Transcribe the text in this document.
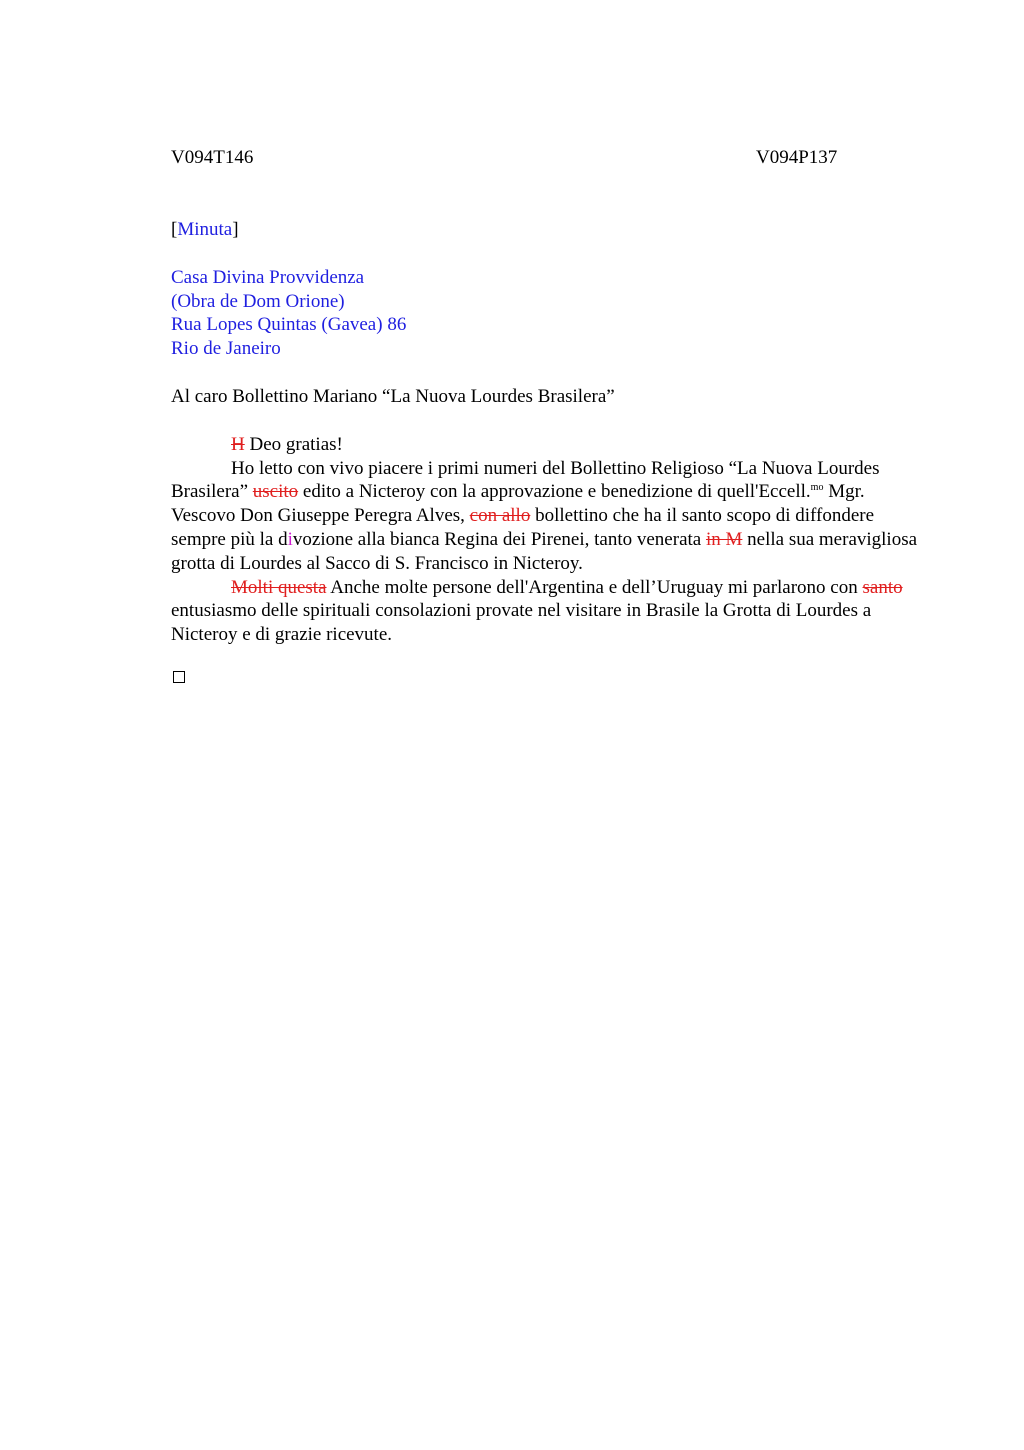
V094T146	V094P137
[Minuta]
Casa Divina Provvidenza
(Obra de Dom Orione)
Rua Lopes Quintas (Gavea) 86
Rio de Janeiro
Al caro Bollettino Mariano “La Nuova Lourdes Brasilera”
H Deo gratias!
Ho letto con vivo piacere i primi numeri del Bollettino Religioso “La Nuova Lourdes Brasilera” uscito edito a Nicteroy con la approvazione e benedizione di quell'Eccell.$^{mo}$ Mgr. Vescovo Don Giuseppe Peregra Alves, con allo bollettino che ha il santo scopo di diffondere sempre più la divozione alla bianca Regina dei Pirenei, tanto venerata in M nella sua meravigliosa grotta di Lourdes al Sacco di S. Francisco in Nicteroy.
Molti questa Anche molte persone dell'Argentina e dell’Uruguay mi parlarono con santo entusiasmo delle spirituali consolazioni provate nel visitare in Brasile la Grotta di Lourdes a Nicteroy e di grazie ricevute.
